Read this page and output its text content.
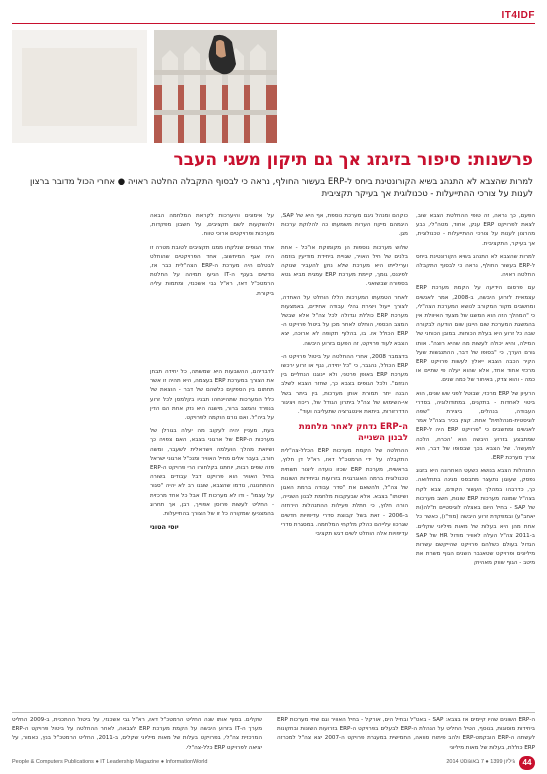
IT4IDF
פרשנות: סיפור בזיגזג אך גם תיקון משגי העבר
למרות שהצבא לא התגהג בשיא הקורונטינת ביחס ל-ERP בעשור החולף, נראה כי לבסוף התקבלה החלטה ראויה ● אחרי הכול מדובר ברצון לענות על צורכי ההתייעלות - טכנולוגית אך בעיקר תקציבית

הפעם, כך נראה, זה טופי ההחלטת הצבא שוב, לצאת לפרויקט ERP ענק, אחוד, מטה"לי, נבע מהרצון לענות על צורכי ההתייעלות - טכנולוגית, אך בעיקר, התקציבית.

למרות שהצבא לא התנהג בשיא הקורונטינת ביחס ל-ERP בעשור החולף, נראה כי לבסוף התקבלה החלטה ראויה.

עם פרסום הידיעה על הקמת מערכת ERP עצמאית לזרוע היבשה, ב-2008, אמר לאנשים ומחשבים מקור המקורב לנושא המערכת הצה"לי, כי "המהלך הזה הוא המשגו של מצעד האיוולת אין בהמשגת המערכת שום הייגון שום הודעה לבקורה שבה כל זרוע היא בעלת הכוחות. במובן הכוחני של המילה, והיא יכולה לעשות מה שהיא רוצה". אותו גורם הערך, כי "בסופו של דבר, ההתנגשות שעל הקיר הכבה הצבא ייאלץ לעשות פרויקט ERP מרכזי אחוד אחד, אלא שהוא יעלה פי שתיים או כמה - והוא צדק, באיחור של כמה שנים.

הרעיון של ERP מרכזי, שבוטל לפני שש שנים, הוא ביטוי לאחדות - בתקנים, במתודולוגיה, בסדרי העבודה, בנהלים, ביצירת "שפה לוגיסטית-מנהלתית" אחת. קצין בכיר בצה"ל אמר לאנשים ומחשבים כי "פרויקט ERP היה ל-ERP שמתבצע בזרוע היבשה הוא 'הכרח, הלכה למעשה'. של הצבא בכך שבסופו של דבר, הוא צריך מערכת ERP.

התנהלות הצבא בנושא כשעט האחרונה היא בזגוג נפסק, שעוגון נתעצר מתבסס מגינה בתחלואה. כך, כדרבהו במהלך העשור הקודם, צבא לקח בצה"ל שמונה מערכות ERP שונות, חשב מערכות של SAP - בחיל היום באצלה לוגיסטיים ת"לה(ות יאחב"ע) ובמפקדת זרוע היבשה (מוד"ו), כאשר כל אחת מהן היא בעלות של מאות מיליוני שקלים. ב-2011 צה"ל העלה לאוויר מודול HR של SAP הגדול בעולם כשלהם פרויקט שהייקשם עשרות מיליונים ופרויקט שטאנבר השנים הגוף משרת את מיטב - הגוף שווק מאהיוק

כוקהם ומנהל ניגם מערכת נוספת, אף היא של SAP, היגמהם מיקוז הערות משמעתו כה להלוקת ערכות מגן.

שלוש מערכות נוספות הן מקומוקת או"כל - אחת בלנים של חיל האויר, שגויית ביחידת מודיעין בוזמה וערילייתו היא מערכת שלא נוקן להעביר שנוקה לפיננס, גומך, קיימת מערכת ERP עמגית מביא גטא בספורה שבשואני.

לאחר הטמעתו המערכות הללו הוחלט על האחדה, לצורך ייעול ויצירת גהלי עבודה אחידים, באמצעות מערכת ERP כוללת וגדולה לכל צה"ל אלא שבשל המצב הכספי, הוחלט לאחר מכן על ביטול פרויקט ה-ERP הכולל אז. בו, בהלוף תקופה לא ארוכה, יצא הצבא לעוד פרויקט, זה הפעם בזרוע היבשה.

בדצמבר 2008, אחרי ההחלטה על ביטול פרויקט ה-ERP הכולל, נהגבר, כי "כל יחידה, נגף או זרוע ירכשו מערכת ERP באופן פרטני, ולא יינוגנו הנחליים בין הנזזם". ולכל הגופים בצבא כך, שחזר הצבא לשלב הבנה יתר תמורת אותן מערכות, בין ביתר בשל אי-השימוש של צה"ל ביתרון הגודל של, ריכוז ויציגור הדדרזורות, ביתאת אינטגרציה שתעליבה ועוד".

ה-ERP נדחק לאחר מלחמת לבנון השנייה

ההחלטה של הקמת מערכות ERP הכלל-צה"לית התקבלה על ידי הרמטכ"ל דאז, רא"ל דן חלוץ, בראשית, מערכת ERP שכזו נועדה ליצור תשתית טכנולוגית ברמה האוגרגנית בזרועות וביחידות השונות של צה"ל, ולהשאם את "סדר עבודה ברמת האגון ושיטתו" בצבא. אלא שבעקבות מלחמת לבנון השנייה, הורה חלוץ, כי חתלת פעילות ההתנהלות הירחזה ב-2006 - זאת בשל קבוצת סדרי עדיפויות חדשים שגרכוו עלייהם כהלק מלקחי המלחמה. במסגרת סדרי עדיפויות אלה הוחלט לשים דגש תקציבי

על אימונים והיערכות לקראת המלחמה הבאה ולהשקעות לשם תקציבים, על חשבון מפקדות, מערכות ופרויקטים ארוכי טווח.

אחד הגופים שנלקחו ממנו תקציבים לטובת מטרה זו היה אגף המיחשוב, אחד הפרויקטים שהוחלט לבטלם היה מערכת ה-ERP הצה"לית כבר אז, נודשים בענף ה-IT הניעו תמיהה על החלטת הרמטכ"ל דאז, רא"ל גבי אשכנזי, ומתמות עליה ביקורת.

לדבריהם, ההשבעות היא שמשתה, כל יחידה תבחן את הצורך במערכת ERP בעצמה, היא תהיה זו אשר תחתום בין הספקים כלשהם של דבר - הוצאת של כלל המערכות שתהיינחהו תבניו בקלמסן לכל זרוע בנפרד והמצב ברור, מישגה היא נזק אחת הם הדין על ביה"ל. ואם נורם הוקמה לפרויקט.

בעת, מעניין יהיה לעקוב מה יעלה בגורלן של מערכות ה-ERP של ארגוני בצבא, האם צפויה כך ושיואת מהלך הועלמה וישראלית לשעבר, ומשה חורב, בעבר אלים מחיל האוויר ומנכ"ל ארגוני ישראל פזה שפים רבות, יוחתנו בקלחורו הרי פרויקט ה-ERP בחיל האוויר הוא פרויקט דבל עבודים בשורה ההתחנוגה, נודמו שהצבא, שוגנו רב לא יהיה "סגור על עצמו" - ודו לא מערכות IT אבל כל אחד מרכזית - החליט לעשות פרוסן אפוייך, רבן, אך תחרוג בהמצניעו שמקורה כל זו של הצורך בהתייעלות.

יוסי הטוני
ה-ERP השונים שהיו קיימים אז בצבא: SAP - באט"ל ובחיל הים, אורקל - בחיל האוויר וגם שתי מערכות ERP ביחידות מוסוגות, בנוסף, הטיל החליט על הנהלת ה-ERP לבעלים בפרויקט ה-ERP בזרועות השונות ובחקונות לעשתה ה-ERP הובקמט-ERP ולהב פיתוח סוואה, החמישית במעגרת פרויקט ה-2007 יצא צה"ל למכרזה ERP כוללת, בעלות של מאות מיליוני
שקלים. בסוף אותו שנה החליט הרמטכ"ל דאז, רא"ל גבי אשכנזי, על ביטול ההתכנית, ב-2009 החליט מערך ה-IT בזרוע היבשה על הקמת מערכת ERP לצבאה, לאחר ההחלטה על ביטול פרויקט ה-ERP המרכזית צה"לי, בפרויקט בעלות של מאות מיליוני שקלים, ב-2011, החליט הרמטכ"ל בנץ, כאמור, על יציאה לפרויקט ERP כלל-צה"לי.
44
גיליון 1399 ● 7 באוגוסט 2014
People & Computers Publications ● IT Leadership Magazine ● InformationWorld
